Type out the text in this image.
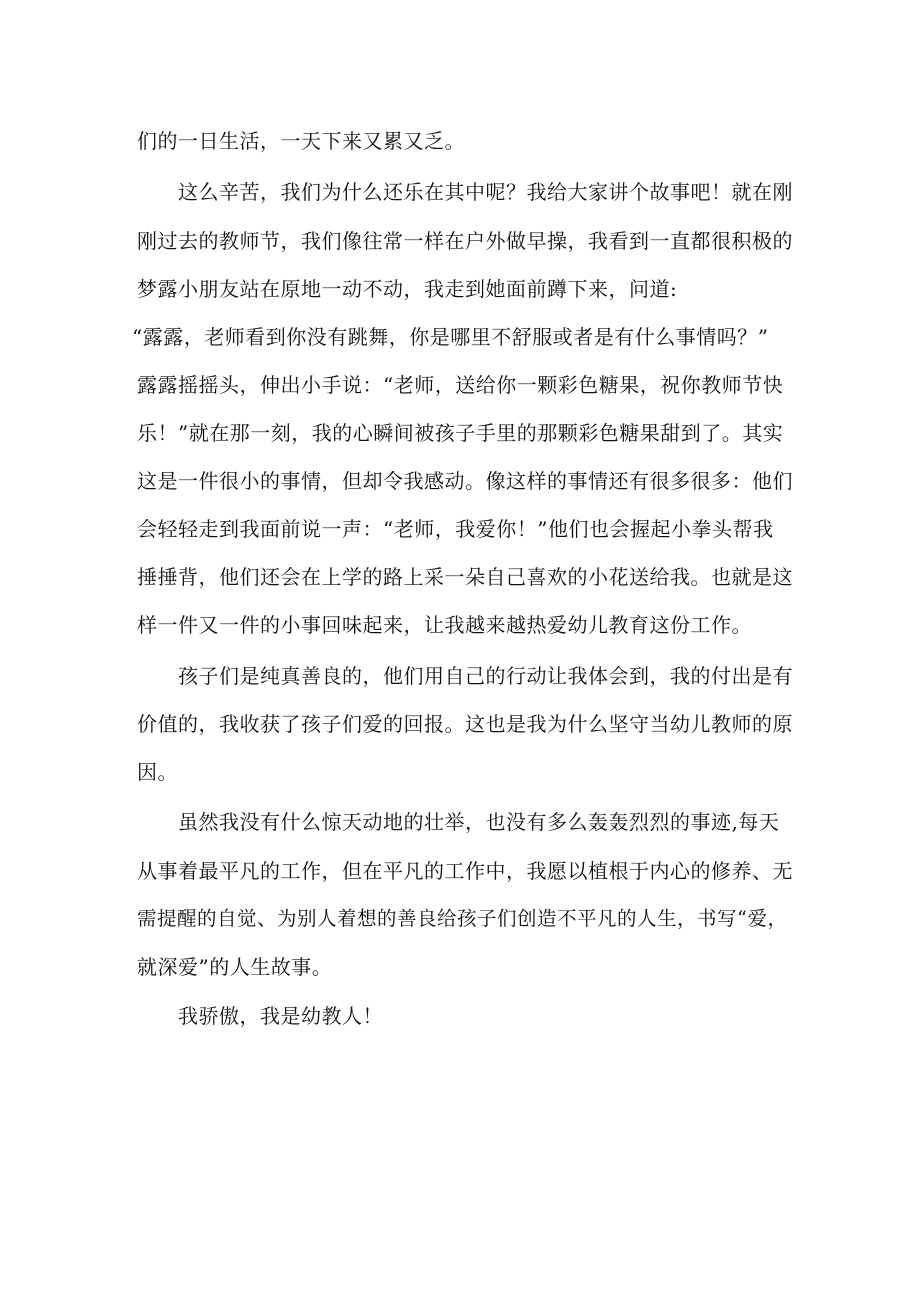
们的一日生活，一天下来又累又乏。
这么辛苦，我们为什么还乐在其中呢？我给大家讲个故事吧！就在刚
刚过去的教师节，我们像往常一样在户外做早操，我看到一直都很积极的
梦露小朋友站在原地一动不动，我走到她面前蹲下来，问道:
“露露，老师看到你没有跳舞，你是哪里不舒服或者是有什么事情吗？”
露露摇摇头，伸出小手说：“老师，送给你一颗彩色糖果，祝你教师节快
乐！”就在那一刻，我的心瞬间被孩子手里的那颗彩色糖果甜到了。其实
这是一件很小的事情，但却令我感动。像这样的事情还有很多很多：他们
会轻轻走到我面前说一声：“老师，我爱你！”他们也会握起小拳头帮我
捶捶背，他们还会在上学的路上采一朵自己喜欢的小花送给我。也就是这
样一件又一件的小事回味起来，让我越来越热爱幼儿教育这份工作。
孩子们是纯真善良的，他们用自己的行动让我体会到，我的付出是有
价值的，我收获了孩子们爱的回报。这也是我为什么坚守当幼儿教师的原
因。
虽然我没有什么惊天动地的壮举，也没有多么轰轰烈烈的事迹,每天
从事着最平凡的工作，但在平凡的工作中，我愿以植根于内心的修养、无
需提醒的自觉、为别人着想的善良给孩子们创造不平凡的人生，书写“爱，
就深爱”的人生故事。
我骄傲，我是幼教人！
